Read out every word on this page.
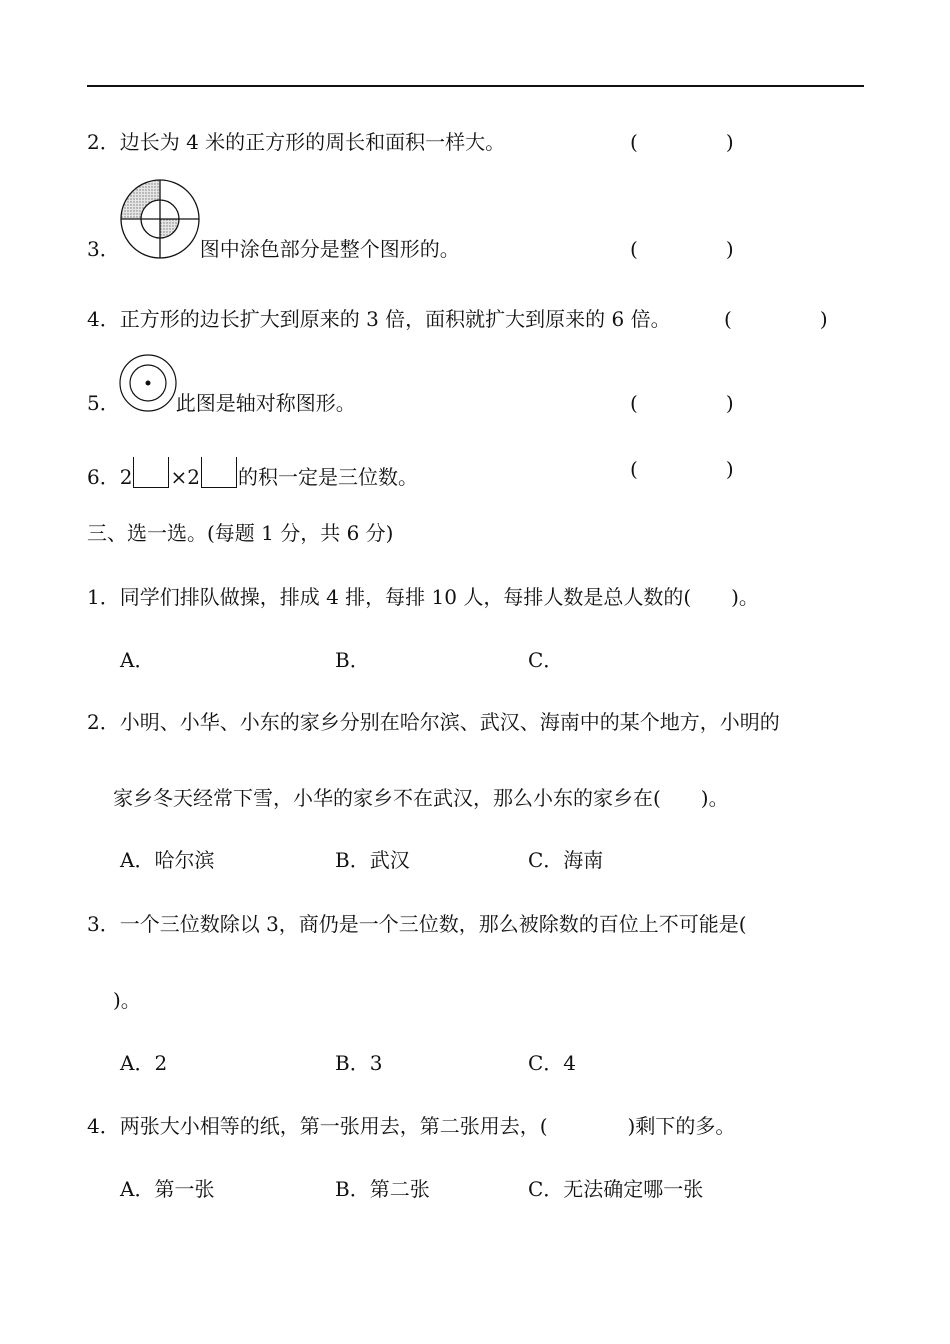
2．边长为 4 米的正方形的周长和面积一样大。	(	)
3．	图中涂色部分是整个图形的。	(	)
4．正方形的边长扩大到原来的 3 倍，面积就扩大到原来的 6 倍。	(	)
5．	此图是轴对称图形。	(	)
6．2 ×2 的积一定是三位数。	(	)
三、选一选。(每题 1 分，共 6 分)
1．同学们排队做操，排成 4 排，每排 10 人，每排人数是总人数的(　　)。
A．	B．	C．
2．小明、小华、小东的家乡分别在哈尔滨、武汉、海南中的某个地方，小明的
家乡冬天经常下雪，小华的家乡不在武汉，那么小东的家乡在(　　)。
A．哈尔滨	B．武汉	C．海南
3．一个三位数除以 3，商仍是一个三位数，那么被除数的百位上不可能是(
)。
A．2	B．3	C．4
4．两张大小相等的纸，第一张用去，第二张用去，(　　　　)剩下的多。
A．第一张	B．第二张	C．无法确定哪一张
